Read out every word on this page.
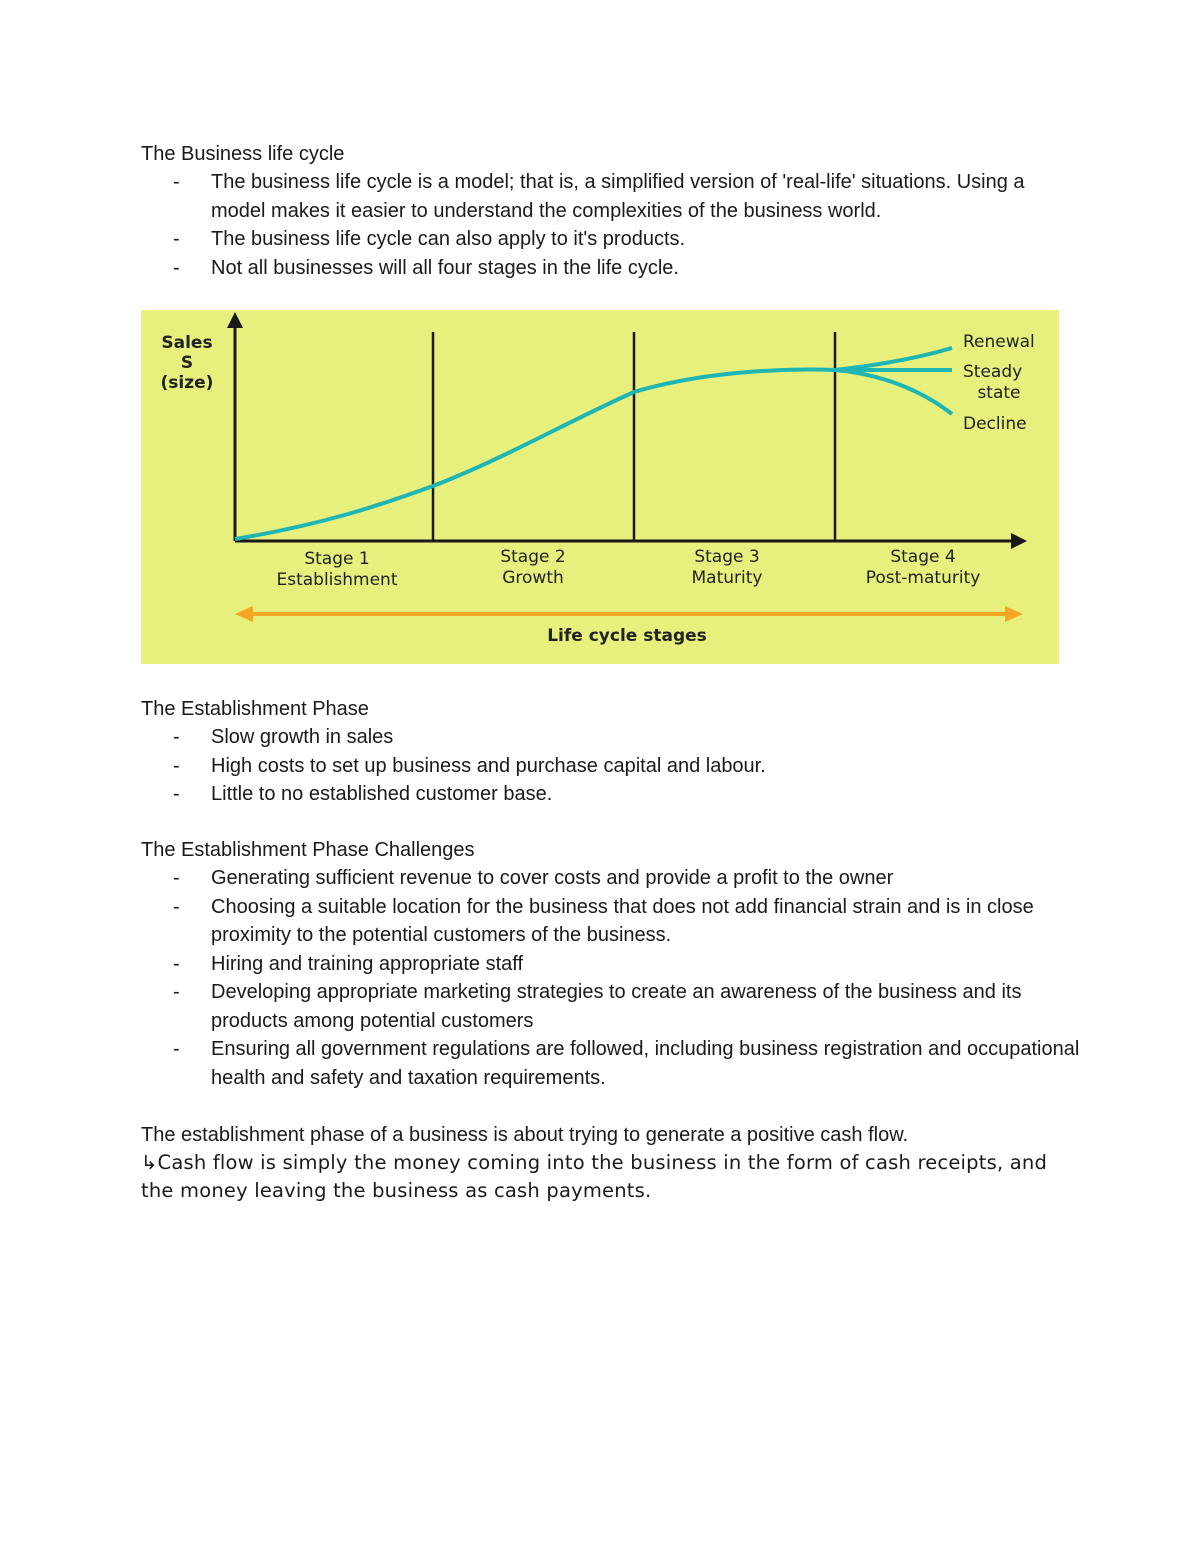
The Business life cycle

- The business life cycle is a model; that is, a simplified version of 'real-life' situations. Using a model makes it easier to understand the complexities of the business world.
- The business life cycle can also apply to it's products.
- Not all businesses will all four stages in the life cycle.
Sales
S
(size)
Renewal
Steady
state
Decline
Stage 1
Establishment
Stage 2
Growth
Stage 3
Maturity
Stage 4
Post-maturity
Life cycle stages

The Establishment Phase

- Slow growth in sales
- High costs to set up business and purchase capital and labour.
- Little to no established customer base.

The Establishment Phase Challenges

- Generating sufficient revenue to cover costs and provide a profit to the owner
- Choosing a suitable location for the business that does not add financial strain and is in close proximity to the potential customers of the business.
- Hiring and training appropriate staff
- Developing appropriate marketing strategies to create an awareness of the business and its products among potential customers
- Ensuring all government regulations are followed, including business registration and occupational health and safety and taxation requirements.

The establishment phase of a business is about trying to generate a positive cash flow.

↳Cash flow is simply the money coming into the business in the form of cash receipts, and the money leaving the business as cash payments.
